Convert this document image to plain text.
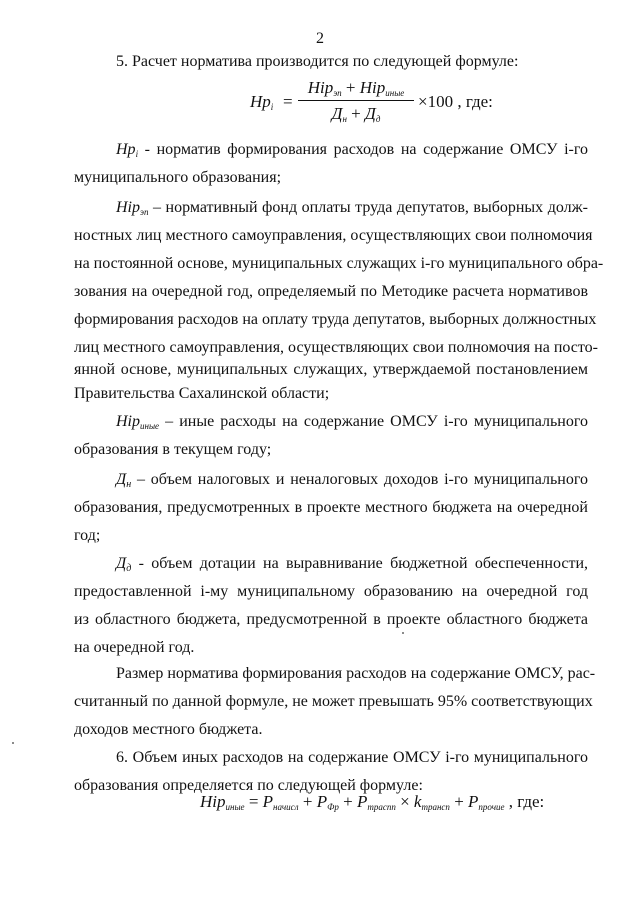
2
5. Расчет норматива производится по следующей формуле:
Нрi =
Ніpэп + Ніpиные
Дн + Дд
×100 , где:
Нрi - норматив формирования расходов на содержание ОМСУ і-го
муниципального образования;
Ніpэп – нормативный фонд оплаты труда депутатов, выборных долж-
ностных лиц местного самоуправления, осуществляющих свои полномочия
на постоянной основе, муниципальных служащих і-го муниципального обра-
зования на очередной год, определяемый по Методике расчета нормативов
формирования расходов на оплату труда депутатов, выборных должностных
лиц местного самоуправления, осуществляющих свои полномочия на посто-
янной основе, муниципальных служащих, утверждаемой постановлением
Правительства Сахалинской области;
Ніpиные – иные расходы на содержание ОМСУ і-го муниципального
образования в текущем году;
Дн – объем налоговых и неналоговых доходов і-го муниципального
образования, предусмотренных в проекте местного бюджета на очередной
год;
Дд - объем дотации на выравнивание бюджетной обеспеченности,
предоставленной і-му муниципальному образованию на очередной год
из областного бюджета, предусмотренной в проекте областного бюджета
на очередной год.
Размер норматива формирования расходов на содержание ОМСУ, рас-
считанный по данной формуле, не может превышать 95% соответствующих
доходов местного бюджета.
6. Объем иных расходов на содержание ОМСУ і-го муниципального
образования определяется по следующей формуле:
Ніpиные = Pначисл + PФр + Pтрасnп × kтрансп + Pпрочие , где:
